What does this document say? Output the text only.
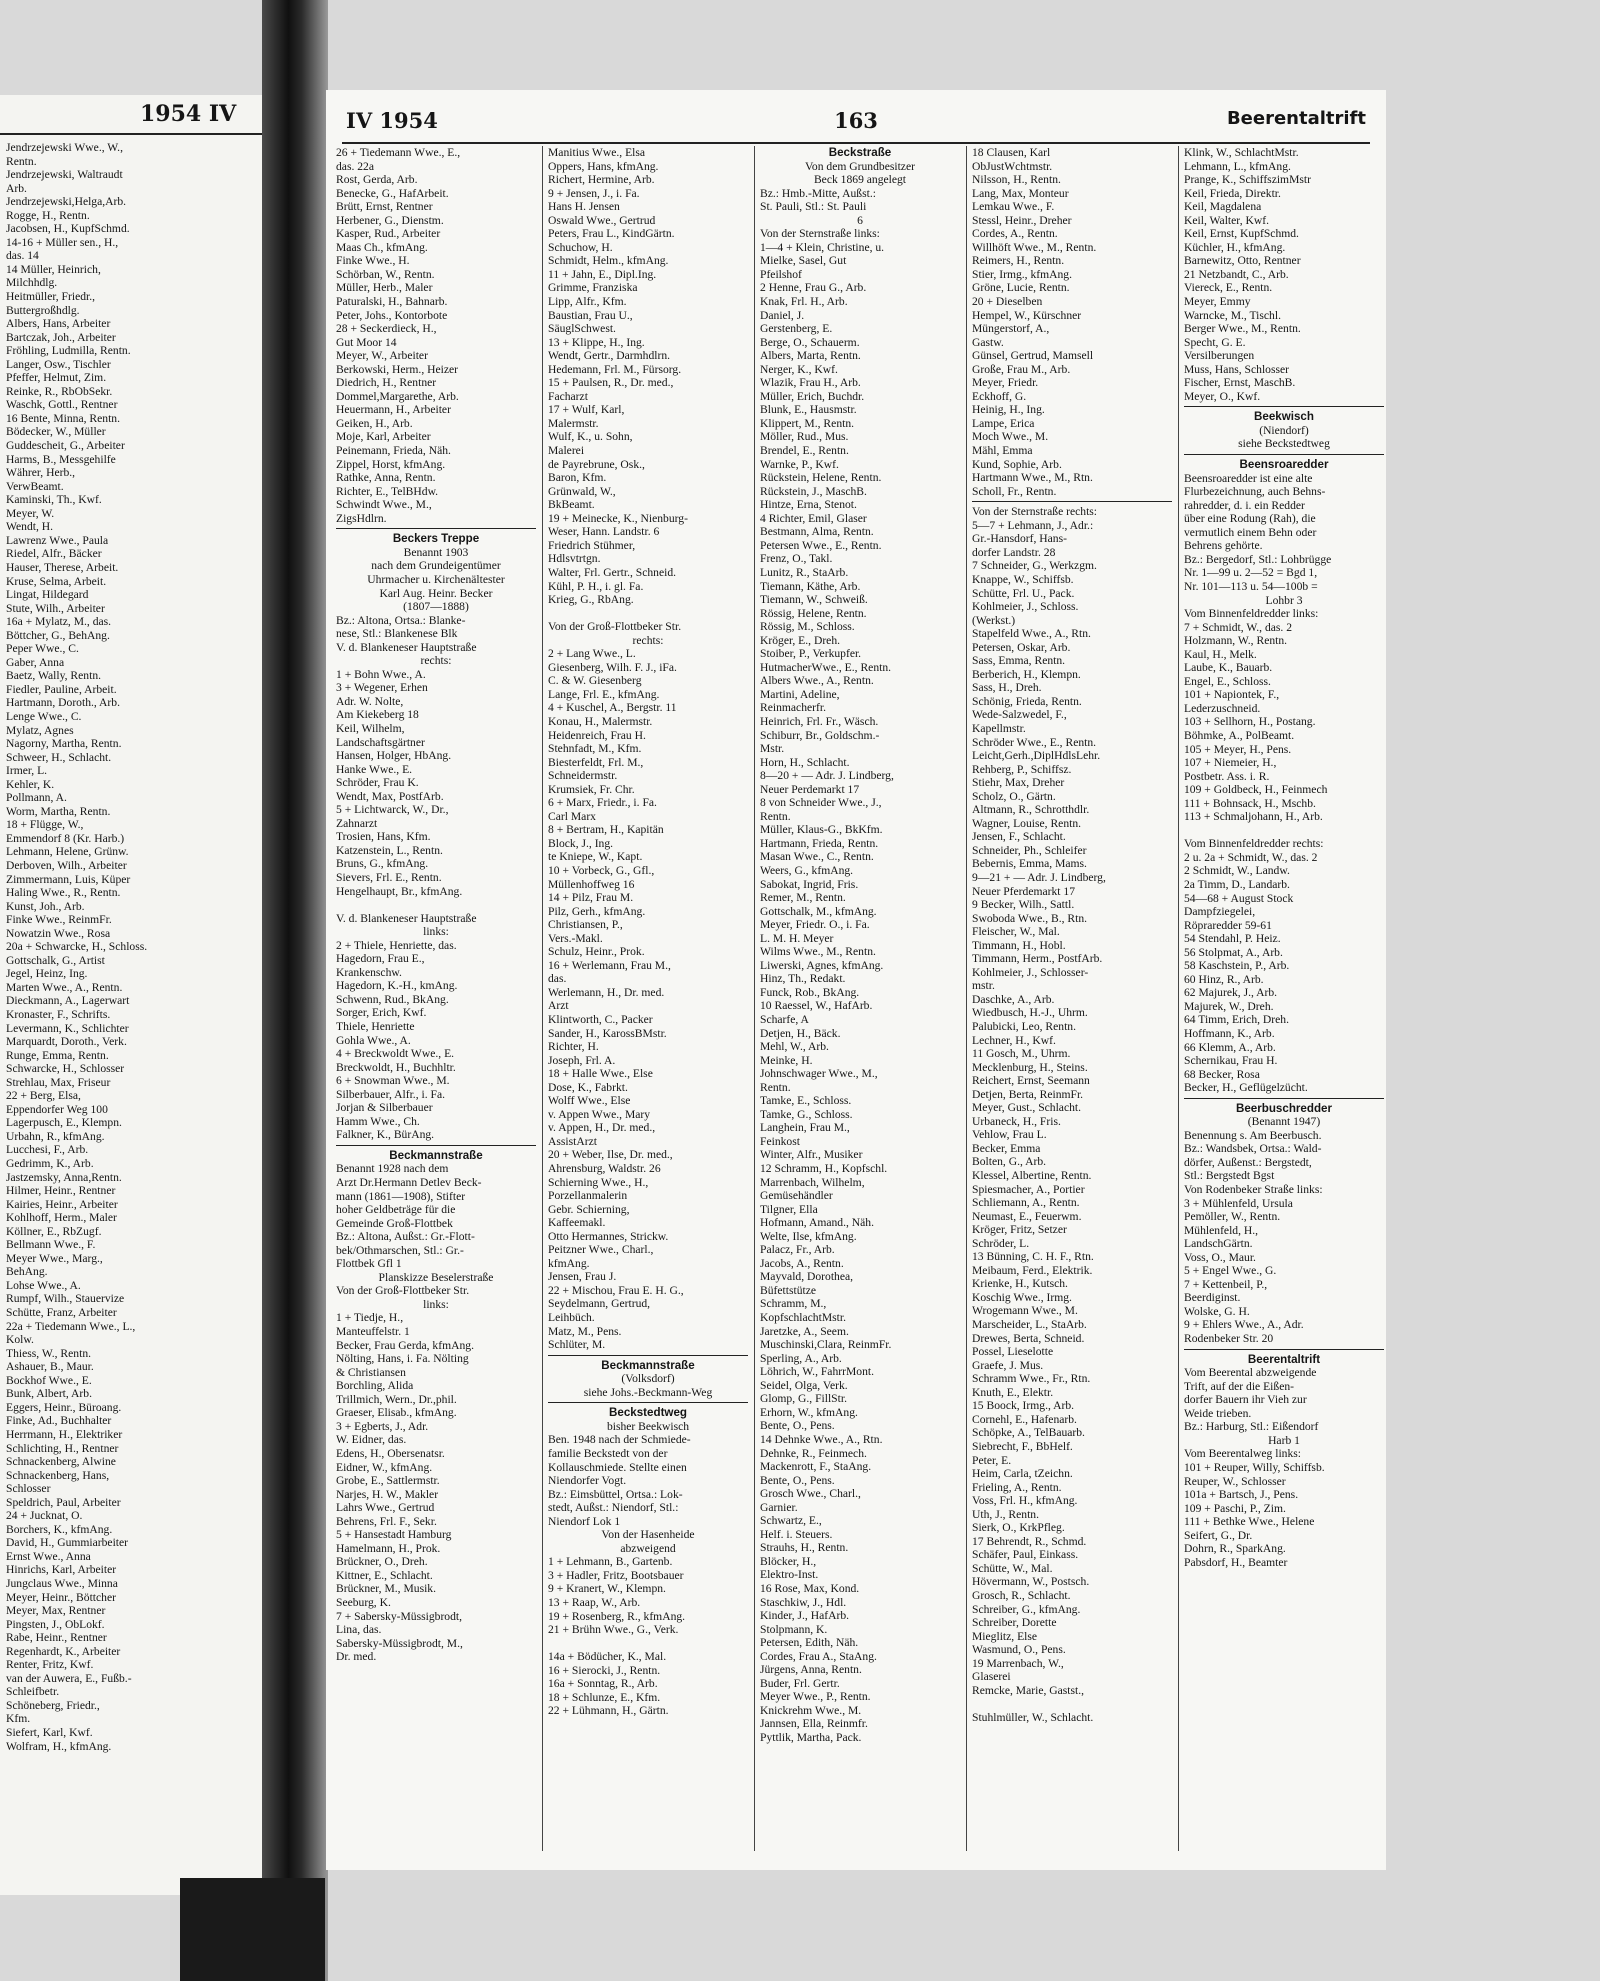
1954 IV
Jendrzejewski Wwe., W.,
Rentn.
Jendrzejewski, Waltraudt
Arb.
Jendrzejewski,Helga,Arb.
Rogge, H., Rentn.
Jacobsen, H., KupfSchmd.
14-16 + Müller sen., H.,
das. 14
14 Müller, Heinrich,
Milchhdlg.
Heitmüller, Friedr.,
Buttergroßhdlg.
Albers, Hans, Arbeiter
Bartczak, Joh., Arbeiter
Fröhling, Ludmilla, Rentn.
Langer, Osw., Tischler
Pfeffer, Helmut, Zim.
Reinke, R., RbObSekr.
Waschk, Gottl., Rentner
16 Bente, Minna, Rentn.
Bödecker, W., Müller
Guddescheit, G., Arbeiter
Harms, B., Messgehilfe
Währer, Herb.,
VerwBeamt.
Kaminski, Th., Kwf.
Meyer, W.
Wendt, H.
Lawrenz Wwe., Paula
Riedel, Alfr., Bäcker
Hauser, Therese, Arbeit.
Kruse, Selma, Arbeit.
Lingat, Hildegard
Stute, Wilh., Arbeiter
16a + Mylatz, M., das.
Böttcher, G., BehAng.
Peper Wwe., C.
Gaber, Anna
Baetz, Wally, Rentn.
Fiedler, Pauline, Arbeit.
Hartmann, Doroth., Arb.
Lenge Wwe., C.
Mylatz, Agnes
Nagorny, Martha, Rentn.
Schweer, H., Schlacht.
Irmer, L.
Kehler, K.
Pollmann, A.
Worm, Martha, Rentn.
18 + Flügge, W.,
Emmendorf 8 (Kr. Harb.)
Lehmann, Helene, Grünw.
Derboven, Wilh., Arbeiter
Zimmermann, Luis, Küper
Haling Wwe., R., Rentn.
Kunst, Joh., Arb.
Finke Wwe., ReinmFr.
Nowatzin Wwe., Rosa
20a + Schwarcke, H., Schloss.
Gottschalk, G., Artist
Jegel, Heinz, Ing.
Marten Wwe., A., Rentn.
Dieckmann, A., Lagerwart
Kronaster, F., Schrifts.
Levermann, K., Schlichter
Marquardt, Doroth., Verk.
Runge, Emma, Rentn.
Schwarcke, H., Schlosser
Strehlau, Max, Friseur
22 + Berg, Elsa,
Eppendorfer Weg 100
Lagerpusch, E., Klempn.
Urbahn, R., kfmAng.
Lucchesi, F., Arb.
Gedrimm, K., Arb.
Jastzemsky, Anna,Rentn.
Hilmer, Heinr., Rentner
Kairies, Heinr., Arbeiter
Kohlhoff, Herm., Maler
Köllner, E., RbZugf.
Bellmann Wwe., F.
Meyer Wwe., Marg.,
BehAng.
Lohse Wwe., A.
Rumpf, Wilh., Stauervize
Schütte, Franz, Arbeiter
22a + Tiedemann Wwe., L.,
Kolw.
Thiess, W., Rentn.
Ashauer, B., Maur.
Bockhof Wwe., E.
Bunk, Albert, Arb.
Eggers, Heinr., Büroang.
Finke, Ad., Buchhalter
Herrmann, H., Elektriker
Schlichting, H., Rentner
Schnackenberg, Alwine
Schnackenberg, Hans,
Schlosser
Speldrich, Paul, Arbeiter
24 + Jucknat, O.
Borchers, K., kfmAng.
David, H., Gummiarbeiter
Ernst Wwe., Anna
Hinrichs, Karl, Arbeiter
Jungclaus Wwe., Minna
Meyer, Heinr., Böttcher
Meyer, Max, Rentner
Pingsten, J., ObLokf.
Rabe, Heinr., Rentner
Regenhardt, K., Arbeiter
Renter, Fritz, Kwf.
van der Auwera, E., Fußb.-
Schleifbetr.
Schöneberg, Friedr.,
Kfm.
Siefert, Karl, Kwf.
Wolfram, H., kfmAng.
IV 1954	163	Beerentaltrift
26 + Tiedemann Wwe., E.,
das. 22a
Rost, Gerda, Arb.
Benecke, G., HafArbeit.
Brütt, Ernst, Rentner
Herbener, G., Dienstm.
Kasper, Rud., Arbeiter
Maas Ch., kfmAng.
Finke Wwe., H.
Schörban, W., Rentn.
Müller, Herb., Maler
Paturalski, H., Bahnarb.
Peter, Johs., Kontorbote
28 + Seckerdieck, H.,
Gut Moor 14
Meyer, W., Arbeiter
Berkowski, Herm., Heizer
Diedrich, H., Rentner
Dommel,Margarethe, Arb.
Heuermann, H., Arbeiter
Geiken, H., Arb.
Moje, Karl, Arbeiter
Peinemann, Frieda, Näh.
Zippel, Horst, kfmAng.
Rathke, Anna, Rentn.
Richter, E., TelBHdw.
Schwindt Wwe., M.,
ZigsHdlrn.
Beckers Treppe
Benannt 1903
nach dem Grundeigentümer
Uhrmacher u. Kirchenältester
Karl Aug. Heinr. Becker
(1807—1888)
Bz.: Altona, Ortsa.: Blanke-
nese, Stl.: Blankenese Blk
V. d. Blankeneser Hauptstraße
rechts:
1 + Bohn Wwe., A.
3 + Wegener, Erhen
Adr. W. Nolte,
Am Kiekeberg 18
Keil, Wilhelm,
Landschaftsgärtner
Hansen, Holger, HbAng.
Hanke Wwe., E.
Schröder, Frau K.
Wendt, Max, PostfArb.
5 + Lichtwarck, W., Dr.,
Zahnarzt
Trosien, Hans, Kfm.
Katzenstein, L., Rentn.
Bruns, G., kfmAng.
Sievers, Frl. E., Rentn.
Hengelhaupt, Br., kfmAng.

V. d. Blankeneser Hauptstraße
links:
2 + Thiele, Henriette, das.
Hagedorn, Frau E.,
Krankenschw.
Hagedorn, K.-H., kmAng.
Schwenn, Rud., BkAng.
Sorger, Erich, Kwf.
Thiele, Henriette
Gohla Wwe., A.
4 + Breckwoldt Wwe., E.
Breckwoldt, H., Buchhltr.
6 + Snowman Wwe., M.
Silberbauer, Alfr., i. Fa.
Jorjan & Silberbauer
Hamm Wwe., Ch.
Falkner, K., BürAng.
Beckmannstraße
Benannt 1928 nach dem
Arzt Dr.Hermann Detlev Beck-
mann (1861—1908), Stifter
hoher Geldbeträge für die
Gemeinde Groß-Flottbek
Bz.: Altona, Außst.: Gr.-Flott-
bek/Othmarschen, Stl.: Gr.-
Flottbek Gfl 1
Planskizze Beselerstraße
Von der Groß-Flottbeker Str.
links:
1 + Tiedje, H.,
Manteuffelstr. 1
Becker, Frau Gerda, kfmAng.
Nölting, Hans, i. Fa. Nölting
& Christiansen
Borchling, Alida
Trillmich, Wern., Dr.,phil.
Graeser, Elisab., kfmAng.
3 + Egberts, J., Adr.
W. Eidner, das.
Edens, H., Obersenatsr.
Eidner, W., kfmAng.
Grobe, E., Sattlermstr.
Narjes, H. W., Makler
Lahrs Wwe., Gertrud
Behrens, Frl. F., Sekr.
5 + Hansestadt Hamburg
Hamelmann, H., Prok.
Brückner, O., Dreh.
Kittner, E., Schlacht.
Brückner, M., Musik.
Seeburg, K.
7 + Sabersky-Müssigbrodt,
Lina, das.
Sabersky-Müssigbrodt, M.,
Dr. med.
Manitius Wwe., Elsa
Oppers, Hans, kfmAng.
Richert, Hermine, Arb.
9 + Jensen, J., i. Fa.
Hans H. Jensen
Oswald Wwe., Gertrud
Peters, Frau L., KindGärtn.
Schuchow, H.
Schmidt, Helm., kfmAng.
11 + Jahn, E., Dipl.Ing.
Grimme, Franziska
Lipp, Alfr., Kfm.
Baustian, Frau U.,
SäuglSchwest.
13 + Klippe, H., Ing.
Wendt, Gertr., Darmhdlrn.
Hedemann, Frl. M., Fürsorg.
15 + Paulsen, R., Dr. med.,
Facharzt
17 + Wulf, Karl,
Malermstr.
Wulf, K., u. Sohn,
Malerei
de Payrebrune, Osk.,
Baron, Kfm.
Grünwald, W.,
BkBeamt.
19 + Meinecke, K., Nienburg-
Weser, Hann. Landstr. 6
Friedrich Stühmer,
Hdlsvtrtgn.
Walter, Frl. Gertr., Schneid.
Kühl, P. H., i. gl. Fa.
Krieg, G., RbAng.

Von der Groß-Flottbeker Str.
rechts:
2 + Lang Wwe., L.
Giesenberg, Wilh. F. J., iFa.
C. & W. Giesenberg
Lange, Frl. E., kfmAng.
4 + Kuschel, A., Bergstr. 11
Konau, H., Malermstr.
Heidenreich, Frau H.
Stehnfadt, M., Kfm.
Biesterfeldt, Frl. M.,
Schneidermstr.
Krumsiek, Fr. Chr.
6 + Marx, Friedr., i. Fa.
Carl Marx
8 + Bertram, H., Kapitän
Block, J., Ing.
te Kniepe, W., Kapt.
10 + Vorbeck, G., Gfl.,
Müllenhoffweg 16
14 + Pilz, Frau M.
Pilz, Gerh., kfmAng.
Christiansen, P.,
Vers.-Makl.
Schulz, Heinr., Prok.
16 + Werlemann, Frau M.,
das.
Werlemann, H., Dr. med.
Arzt
Klintworth, C., Packer
Sander, H., KarossBMstr.
Richter, H.
Joseph, Frl. A.
18 + Halle Wwe., Else
Dose, K., Fabrkt.
Wolff Wwe., Else
v. Appen Wwe., Mary
v. Appen, H., Dr. med.,
AssistArzt
20 + Weber, Ilse, Dr. med.,
Ahrensburg, Waldstr. 26
Schierning Wwe., H.,
Porzellanmalerin
Gebr. Schierning,
Kaffeemakl.
Otto Hermannes, Strickw.
Peitzner Wwe., Charl.,
kfmAng.
Jensen, Frau J.
22 + Mischou, Frau E. H. G.,
Seydelmann, Gertrud,
Leihbüch.
Matz, M., Pens.
Schlüter, M.
Beckmannstraße
(Volksdorf)
siehe Johs.-Beckmann-Weg
Beckstedtweg
bisher Beekwisch
Ben. 1948 nach der Schmiede-
familie Beckstedt von der
Kollauschmiede. Stellte einen
Niendorfer Vogt.
Bz.: Eimsbüttel, Ortsa.: Lok-
stedt, Außst.: Niendorf, Stl.:
Niendorf Lok 1
Von der Hasenheide
abzweigend
1 + Lehmann, B., Gartenb.
3 + Hadler, Fritz, Bootsbauer
9 + Kranert, W., Klempn.
13 + Raap, W., Arb.
19 + Rosenberg, R., kfmAng.
21 + Brühn Wwe., G., Verk.

14a + Bödücher, K., Mal.
16 + Sierocki, J., Rentn.
16a + Sonntag, R., Arb.
18 + Schlunze, E., Kfm.
22 + Lühmann, H., Gärtn.
Beckstraße
Von dem Grundbesitzer
Beck 1869 angelegt
Bz.: Hmb.-Mitte, Außst.:
St. Pauli, Stl.: St. Pauli
6
Von der Sternstraße links:
1—4 + Klein, Christine, u.
Mielke, Sasel, Gut
Pfeilshof
2 Henne, Frau G., Arb.
Knak, Frl. H., Arb.
Daniel, J.
Gerstenberg, E.
Berge, O., Schauerm.
Albers, Marta, Rentn.
Nerger, K., Kwf.
Wlazik, Frau H., Arb.
Müller, Erich, Buchdr.
Blunk, E., Hausmstr.
Klippert, M., Rentn.
Möller, Rud., Mus.
Brendel, E., Rentn.
Warnke, P., Kwf.
Rückstein, Helene, Rentn.
Rückstein, J., MaschB.
Hintze, Erna, Stenot.
4 Richter, Emil, Glaser
Bestmann, Alma, Rentn.
Petersen Wwe., E., Rentn.
Frenz, O., Takl.
Lunitz, R., StaArb.
Tiemann, Käthe, Arb.
Tiemann, W., Schweiß.
Rössig, Helene, Rentn.
Rössig, M., Schloss.
Kröger, E., Dreh.
Stoiber, P., Verkupfer.
HutmacherWwe., E., Rentn.
Albers Wwe., A., Rentn.
Martini, Adeline,
Reinmacherfr.
Heinrich, Frl. Fr., Wäsch.
Schiburr, Br., Goldschm.-
Mstr.
Horn, H., Schlacht.
8—20 + — Adr. J. Lindberg,
Neuer Perdemarkt 17
8 von Schneider Wwe., J.,
Rentn.
Müller, Klaus-G., BkKfm.
Hartmann, Frieda, Rentn.
Masan Wwe., C., Rentn.
Weers, G., kfmAng.
Sabokat, Ingrid, Fris.
Remer, M., Rentn.
Gottschalk, M., kfmAng.
Meyer, Friedr. O., i. Fa.
L. M. H. Meyer
Wilms Wwe., M., Rentn.
Liwerski, Agnes, kfmAng.
Hinz, Th., Redakt.
Funck, Rob., BkAng.
10 Raessel, W., HafArb.
Scharfe, A
Detjen, H., Bäck.
Mehl, W., Arb.
Meinke, H.
Johnschwager Wwe., M.,
Rentn.
Tamke, E., Schloss.
Tamke, G., Schloss.
Langhein, Frau M.,
Feinkost
Winter, Alfr., Musiker
12 Schramm, H., Kopfschl.
Marrenbach, Wilhelm,
Gemüsehändler
Tilgner, Ella
Hofmann, Amand., Näh.
Welte, Ilse, kfmAng.
Palacz, Fr., Arb.
Jacobs, A., Rentn.
Mayvald, Dorothea,
Büfettstütze
Schramm, M.,
KopfschlachtMstr.
Jaretzke, A., Seem.
Muschinski,Clara, ReinmFr.
Sperling, A., Arb.
Löhrich, W., FahrrMont.
Seidel, Olga, Verk.
Glomp, G., FillStr.
Erhorn, W., kfmAng.
Bente, O., Pens.
14 Dehnke Wwe., A., Rtn.
Dehnke, R., Feinmech.
Mackenrott, F., StaAng.
Bente, O., Pens.
Grosch Wwe., Charl.,
Garnier.
Schwartz, E.,
Helf. i. Steuers.
Strauhs, H., Rentn.
Blöcker, H.,
Elektro-Inst.
16 Rose, Max, Kond.
Staschkiw, J., Hdl.
Kinder, J., HafArb.
Stolpmann, K.
Petersen, Edith, Näh.
Cordes, Frau A., StaAng.
Jürgens, Anna, Rentn.
Buder, Frl. Gertr.
Meyer Wwe., P., Rentn.
Knickrehm Wwe., M.
Jannsen, Ella, Reinmfr.
Pyttlik, Martha, Pack.
18 Clausen, Karl
ObJustWchtmstr.
Nilsson, H., Rentn.
Lang, Max, Monteur
Lemkau Wwe., F.
Stessl, Heinr., Dreher
Cordes, A., Rentn.
Willhöft Wwe., M., Rentn.
Reimers, H., Rentn.
Stier, Irmg., kfmAng.
Gröne, Lucie, Rentn.
20 + Dieselben
Hempel, W., Kürschner
Müngerstorf, A.,
Gastw.
Günsel, Gertrud, Mamsell
Große, Frau M., Arb.
Meyer, Friedr.
Eckhoff, G.
Heinig, H., Ing.
Lampe, Erica
Moch Wwe., M.
Mähl, Emma
Kund, Sophie, Arb.
Hartmann Wwe., M., Rtn.
Scholl, Fr., Rentn.
Von der Sternstraße rechts:
5—7 + Lehmann, J., Adr.:
Gr.-Hansdorf, Hans-
dorfer Landstr. 28
7 Schneider, G., Werkzgm.
Knappe, W., Schiffsb.
Schütte, Frl. U., Pack.
Kohlmeier, J., Schloss.
(Werkst.)
Stapelfeld Wwe., A., Rtn.
Petersen, Oskar, Arb.
Sass, Emma, Rentn.
Berberich, H., Klempn.
Sass, H., Dreh.
Schönig, Frieda, Rentn.
Wede-Salzwedel, F.,
Kapellmstr.
Schröder Wwe., E., Rentn.
Leicht,Gerh.,DiplHdlsLehr.
Rehberg, P., Schiffsz.
Stiehr, Max, Dreher
Scholz, O., Gärtn.
Altmann, R., Schrotthdlr.
Wagner, Louise, Rentn.
Jensen, F., Schlacht.
Schneider, Ph., Schleifer
Bebernis, Emma, Mams.
9—21 + — Adr. J. Lindberg,
Neuer Pferdemarkt 17
9 Becker, Wilh., Sattl.
Swoboda Wwe., B., Rtn.
Fleischer, W., Mal.
Timmann, H., Hobl.
Timmann, Herm., PostfArb.
Kohlmeier, J., Schlosser-
mstr.
Daschke, A., Arb.
Wiedbusch, H.-J., Uhrm.
Palubicki, Leo, Rentn.
Lechner, H., Kwf.
11 Gosch, M., Uhrm.
Mecklenburg, H., Steins.
Reichert, Ernst, Seemann
Detjen, Berta, ReinmFr.
Meyer, Gust., Schlacht.
Urbaneck, H., Fris.
Vehlow, Frau L.
Becker, Emma
Bolten, G., Arb.
Klessel, Albertine, Rentn.
Spiesmacher, A., Portier
Schliemann, A., Rentn.
Neumast, E., Feuerwm.
Kröger, Fritz, Setzer
Schröder, L.
13 Bünning, C. H. F., Rtn.
Meibaum, Ferd., Elektrik.
Krienke, H., Kutsch.
Koschig Wwe., Irmg.
Wrogemann Wwe., M.
Marscheider, L., StaArb.
Drewes, Berta, Schneid.
Possel, Lieselotte
Graefe, J. Mus.
Schramm Wwe., Fr., Rtn.
Knuth, E., Elektr.
15 Boock, Irmg., Arb.
Cornehl, E., Hafenarb.
Schöpke, A., TelBauarb.
Siebrecht, F., BbHelf.
Peter, E.
Heim, Carla, tZeichn.
Frieling, A., Rentn.
Voss, Frl. H., kfmAng.
Uth, J., Rentn.
Sierk, O., KrkPfleg.
17 Behrendt, R., Schmd.
Schäfer, Paul, Einkass.
Schütte, W., Mal.
Hövermann, W., Postsch.
Grosch, R., Schlacht.
Schreiber, G., kfmAng.
Schreiber, Dorette
Mieglitz, Else
Wasmund, O., Pens.
19 Marrenbach, W.,
Glaserei
Remcke, Marie, Gastst.,

Stuhlmüller, W., Schlacht.
Klink, W., SchlachtMstr.
Lehmann, L., kfmAng.
Prange, K., SchiffszimMstr
Keil, Frieda, Direktr.
Keil, Magdalena
Keil, Walter, Kwf.
Keil, Ernst, KupfSchmd.
Küchler, H., kfmAng.
Barnewitz, Otto, Rentner
21 Netzbandt, C., Arb.
Viereck, E., Rentn.
Meyer, Emmy
Warncke, M., Tischl.
Berger Wwe., M., Rentn.
Specht, G. E.
Versilberungen
Muss, Hans, Schlosser
Fischer, Ernst, MaschB.
Meyer, O., Kwf.
Beekwisch
(Niendorf)
siehe Beckstedtweg
Beensroaredder
Beensroaredder ist eine alte
Flurbezeichnung, auch Behns-
rahredder, d. i. ein Redder
über eine Rodung (Rah), die
vermutlich einem Behn oder
Behrens gehörte.
Bz.: Bergedorf, Stl.: Lohbrügge
Nr. 1—99 u. 2—52 = Bgd 1,
Nr. 101—113 u. 54—100b =
Lohbr 3
Vom Binnenfeldredder links:
7 + Schmidt, W., das. 2
Holzmann, W., Rentn.
Kaul, H., Melk.
Laube, K., Bauarb.
Engel, E., Schloss.
101 + Napiontek, F.,
Lederzuschneid.
103 + Sellhorn, H., Postang.
Böhmke, A., PolBeamt.
105 + Meyer, H., Pens.
107 + Niemeier, H.,
Postbetr. Ass. i. R.
109 + Goldbeck, H., Feinmech
111 + Bohnsack, H., Mschb.
113 + Schmaljohann, H., Arb.

Vom Binnenfeldredder rechts:
2 u. 2a + Schmidt, W., das. 2
2 Schmidt, W., Landw.
2a Timm, D., Landarb.
54—68 + August Stock
Dampfziegelei,
Röpraredder 59-61
54 Stendahl, P. Heiz.
56 Stolpmat, A., Arb.
58 Kaschstein, P., Arb.
60 Hinz, R., Arb.
62 Majurek, J., Arb.
Majurek, W., Dreh.
64 Timm, Erich, Dreh.
Hoffmann, K., Arb.
66 Klemm, A., Arb.
Schernikau, Frau H.
68 Becker, Rosa
Becker, H., Geflügelzücht.
Beerbuschredder
(Benannt 1947)
Benennung s. Am Beerbusch.
Bz.: Wandsbek, Ortsa.: Wald-
dörfer, Außenst.: Bergstedt,
Stl.: Bergstedt Bgst
Von Rodenbeker Straße links:
3 + Mühlenfeld, Ursula
Pemöller, W., Rentn.
Mühlenfeld, H.,
LandschGärtn.
Voss, O., Maur.
5 + Engel Wwe., G.
7 + Kettenbeil, P.,
Beerdiginst.
Wolske, G. H.
9 + Ehlers Wwe., A., Adr.
Rodenbeker Str. 20
Beerentaltrift
Vom Beerental abzweigende
Trift, auf der die Eißen-
dorfer Bauern ihr Vieh zur
Weide trieben.
Bz.: Harburg, Stl.: Eißendorf
Harb 1
Vom Beerentalweg links:
101 + Reuper, Willy, Schiffsb.
Reuper, W., Schlosser
101a + Bartsch, J., Pens.
109 + Paschi, P., Zim.
111 + Bethke Wwe., Helene
Seifert, G., Dr.
Dohrn, R., SparkAng.
Pabsdorf, H., Beamter
